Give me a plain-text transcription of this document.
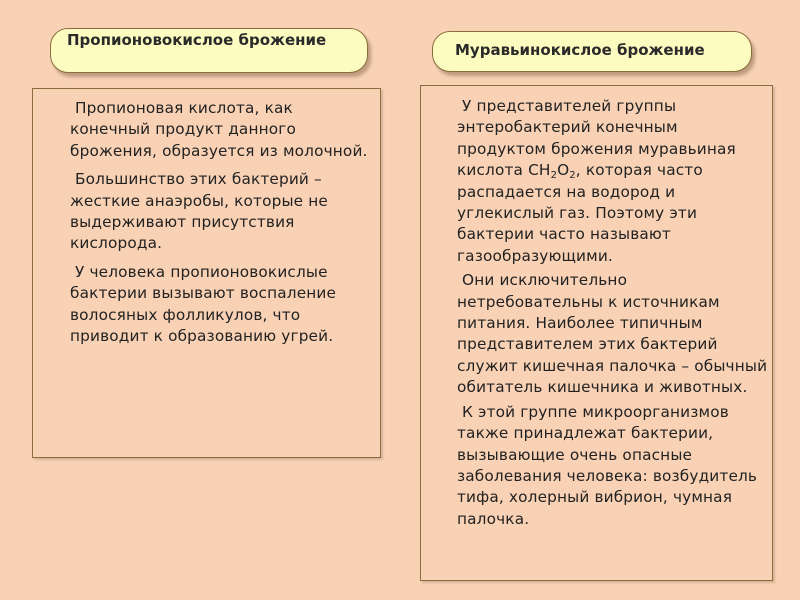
Пропионовокислое брожение
Муравьинокислое брожение

Пропионовая кислота, как конечный продукт данного брожения, образуется из молочной.

Большинство этих бактерий – жесткие анаэробы, которые не выдерживают присутствия кислорода.

У человека пропионовокислые бактерии вызывают воспаление волосяных фолликулов, что приводит к образованию угрей.

У представителей группы энтеробактерий конечным продуктом брожения муравьиная кислота $CH_2O_2$, которая часто распадается на водород и углекислый газ. Поэтому эти бактерии часто называют газообразующими.

Они исключительно нетребовательны к источникам питания. Наиболее типичным представителем этих бактерий служит кишечная палочка – обычный обитатель кишечника и животных.

К этой группе микроорганизмов также принадлежат бактерии, вызывающие очень опасные заболевания человека: возбудитель тифа, холерный вибрион, чумная палочка.
